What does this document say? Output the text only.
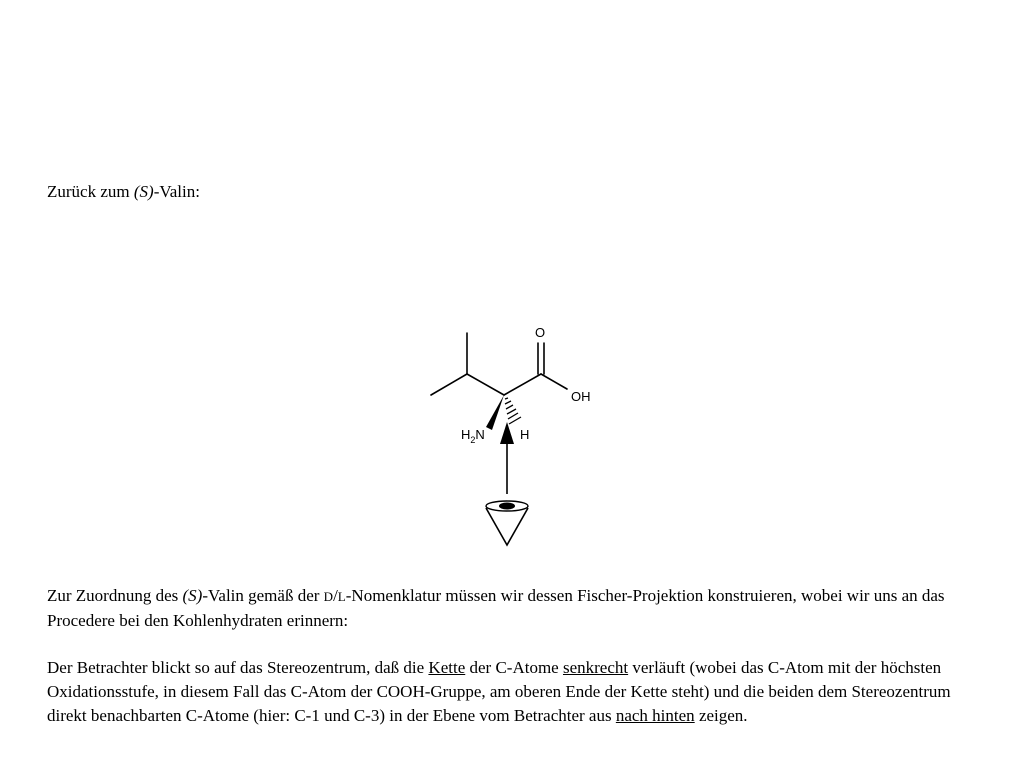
Zurück zum (S)-Valin:

O
OH
$H_2N$	H

Zur Zuordnung des (S)-Valin gemäß der D/L-Nomenklatur müssen wir dessen Fischer-Projektion konstruieren, wobei wir uns an das Procedere bei den Kohlenhydraten erinnern:

Der Betrachter blickt so auf das Stereozentrum, daß die Kette der C-Atome senkrecht verläuft (wobei das C-Atom mit der höchsten Oxidationsstufe, in diesem Fall das C-Atom der COOH-Gruppe, am oberen Ende der Kette steht) und die beiden dem Stereozentrum direkt benachbarten C-Atome (hier: C-1 und C-3) in der Ebene vom Betrachter aus nach hinten zeigen.
